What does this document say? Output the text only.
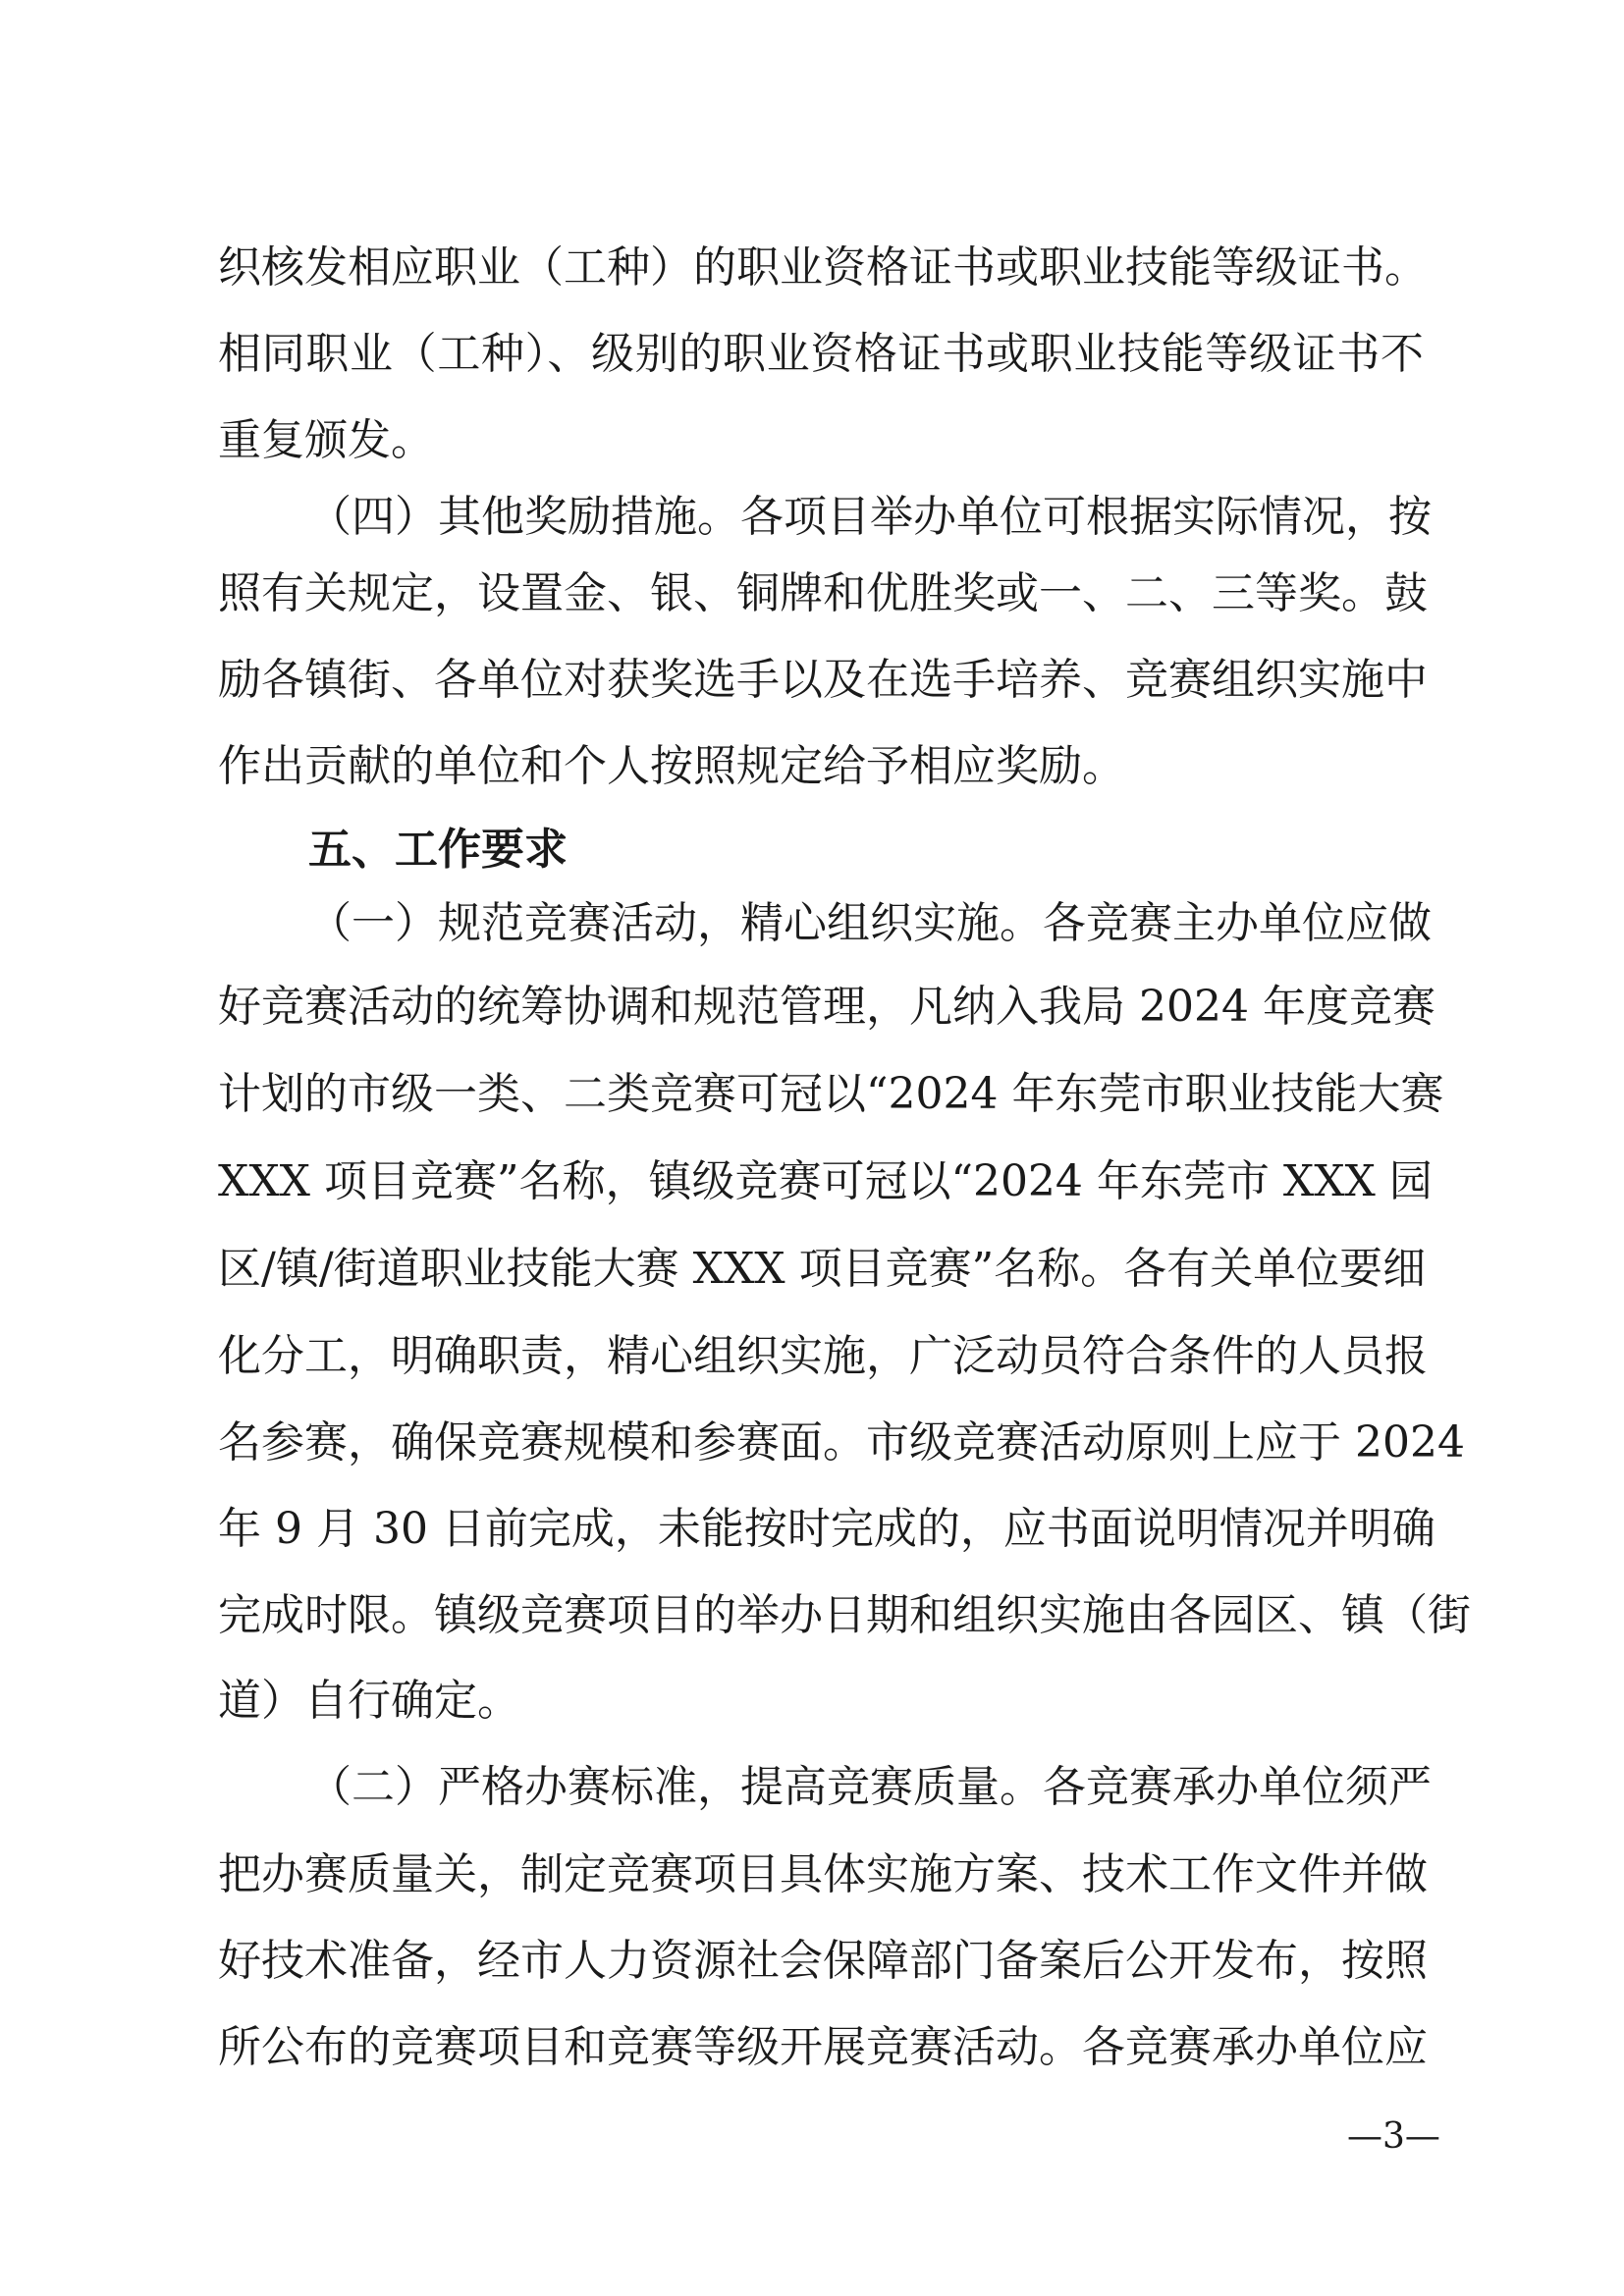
织核发相应职业（工种）的职业资格证书或职业技能等级证书。
相同职业（工种）、级别的职业资格证书或职业技能等级证书不
重复颁发。
（四）其他奖励措施。各项目举办单位可根据实际情况，按
照有关规定，设置金、银、铜牌和优胜奖或一、二、三等奖。鼓
励各镇街、各单位对获奖选手以及在选手培养、竞赛组织实施中
作出贡献的单位和个人按照规定给予相应奖励。
五、工作要求
（一）规范竞赛活动，精心组织实施。各竞赛主办单位应做
好竞赛活动的统筹协调和规范管理，凡纳入我局 2024 年度竞赛
计划的市级一类、二类竞赛可冠以“2024 年东莞市职业技能大赛
XXX 项目竞赛”名称，镇级竞赛可冠以“2024 年东莞市 XXX 园
区/镇/街道职业技能大赛 XXX 项目竞赛”名称。各有关单位要细
化分工，明确职责，精心组织实施，广泛动员符合条件的人员报
名参赛，确保竞赛规模和参赛面。市级竞赛活动原则上应于 2024
年 9 月 30 日前完成，未能按时完成的，应书面说明情况并明确
完成时限。镇级竞赛项目的举办日期和组织实施由各园区、镇（街
道）自行确定。
（二）严格办赛标准，提高竞赛质量。各竞赛承办单位须严
把办赛质量关，制定竞赛项目具体实施方案、技术工作文件并做
好技术准备，经市人力资源社会保障部门备案后公开发布，按照
所公布的竞赛项目和竞赛等级开展竞赛活动。各竞赛承办单位应
—3—
